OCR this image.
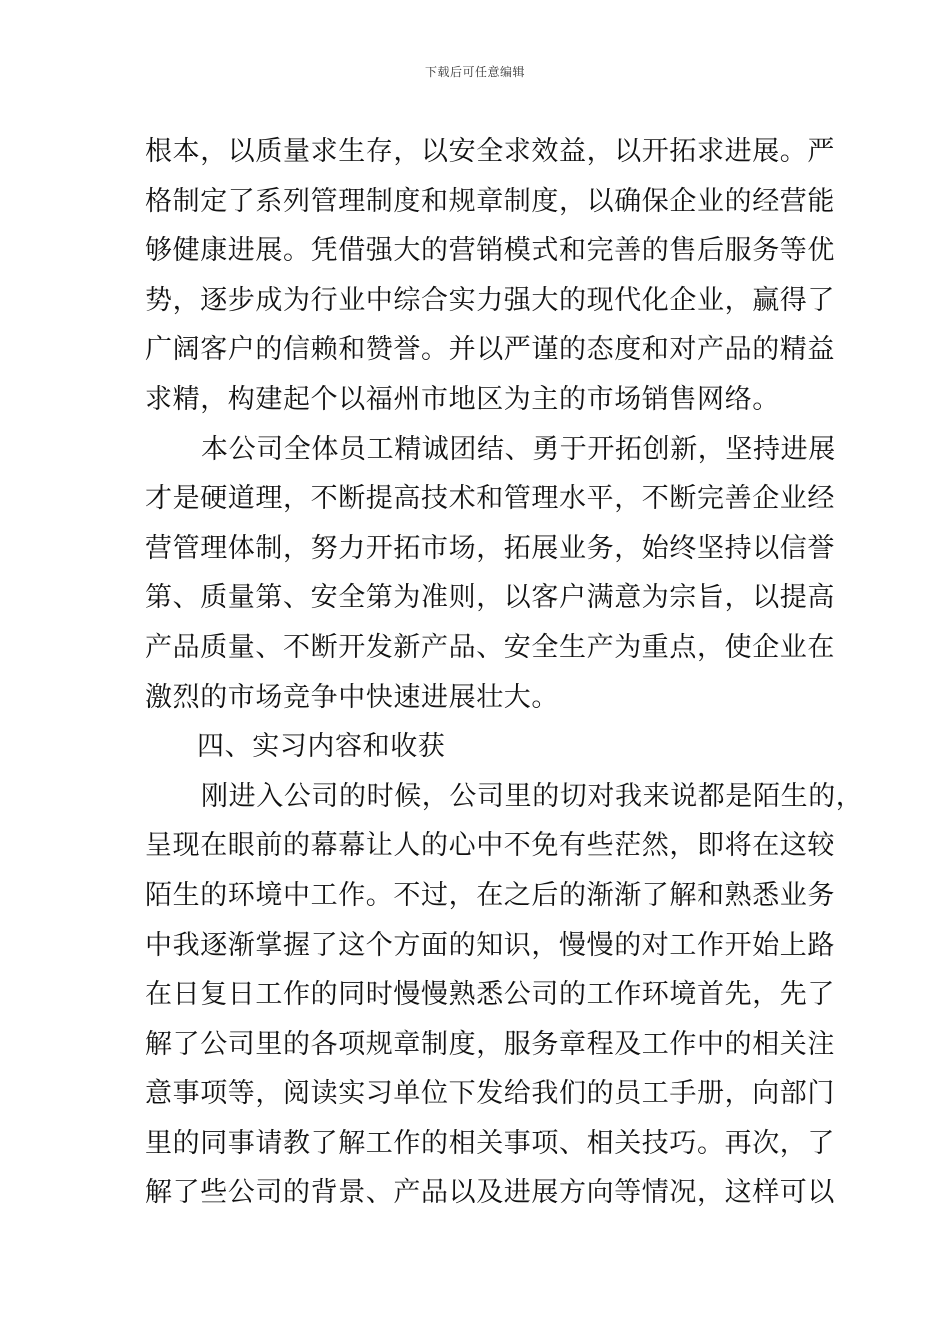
下载后可任意编辑
根本，以质量求生存，以安全求效益，以开拓求进展。严
格制定了系列管理制度和规章制度，以确保企业的经营能
够健康进展。凭借强大的营销模式和完善的售后服务等优
势，逐步成为行业中综合实力强大的现代化企业，赢得了
广阔客户的信赖和赞誉。并以严谨的态度和对产品的精益
求精，构建起个以福州市地区为主的市场销售网络。
本公司全体员工精诚团结、勇于开拓创新，坚持进展
才是硬道理，不断提高技术和管理水平，不断完善企业经
营管理体制，努力开拓市场，拓展业务，始终坚持以信誉
第、质量第、安全第为准则，以客户满意为宗旨，以提高
产品质量、不断开发新产品、安全生产为重点，使企业在
激烈的市场竞争中快速进展壮大。
四、实习内容和收获
刚进入公司的时候，公司里的切对我来说都是陌生的，
呈现在眼前的幕幕让人的心中不免有些茫然，即将在这较
陌生的环境中工作。不过，在之后的渐渐了解和熟悉业务
中我逐渐掌握了这个方面的知识，慢慢的对工作开始上路
在日复日工作的同时慢慢熟悉公司的工作环境首先，先了
解了公司里的各项规章制度，服务章程及工作中的相关注
意事项等，阅读实习单位下发给我们的员工手册，向部门
里的同事请教了解工作的相关事项、相关技巧。再次，了
解了些公司的背景、产品以及进展方向等情况，这样可以
